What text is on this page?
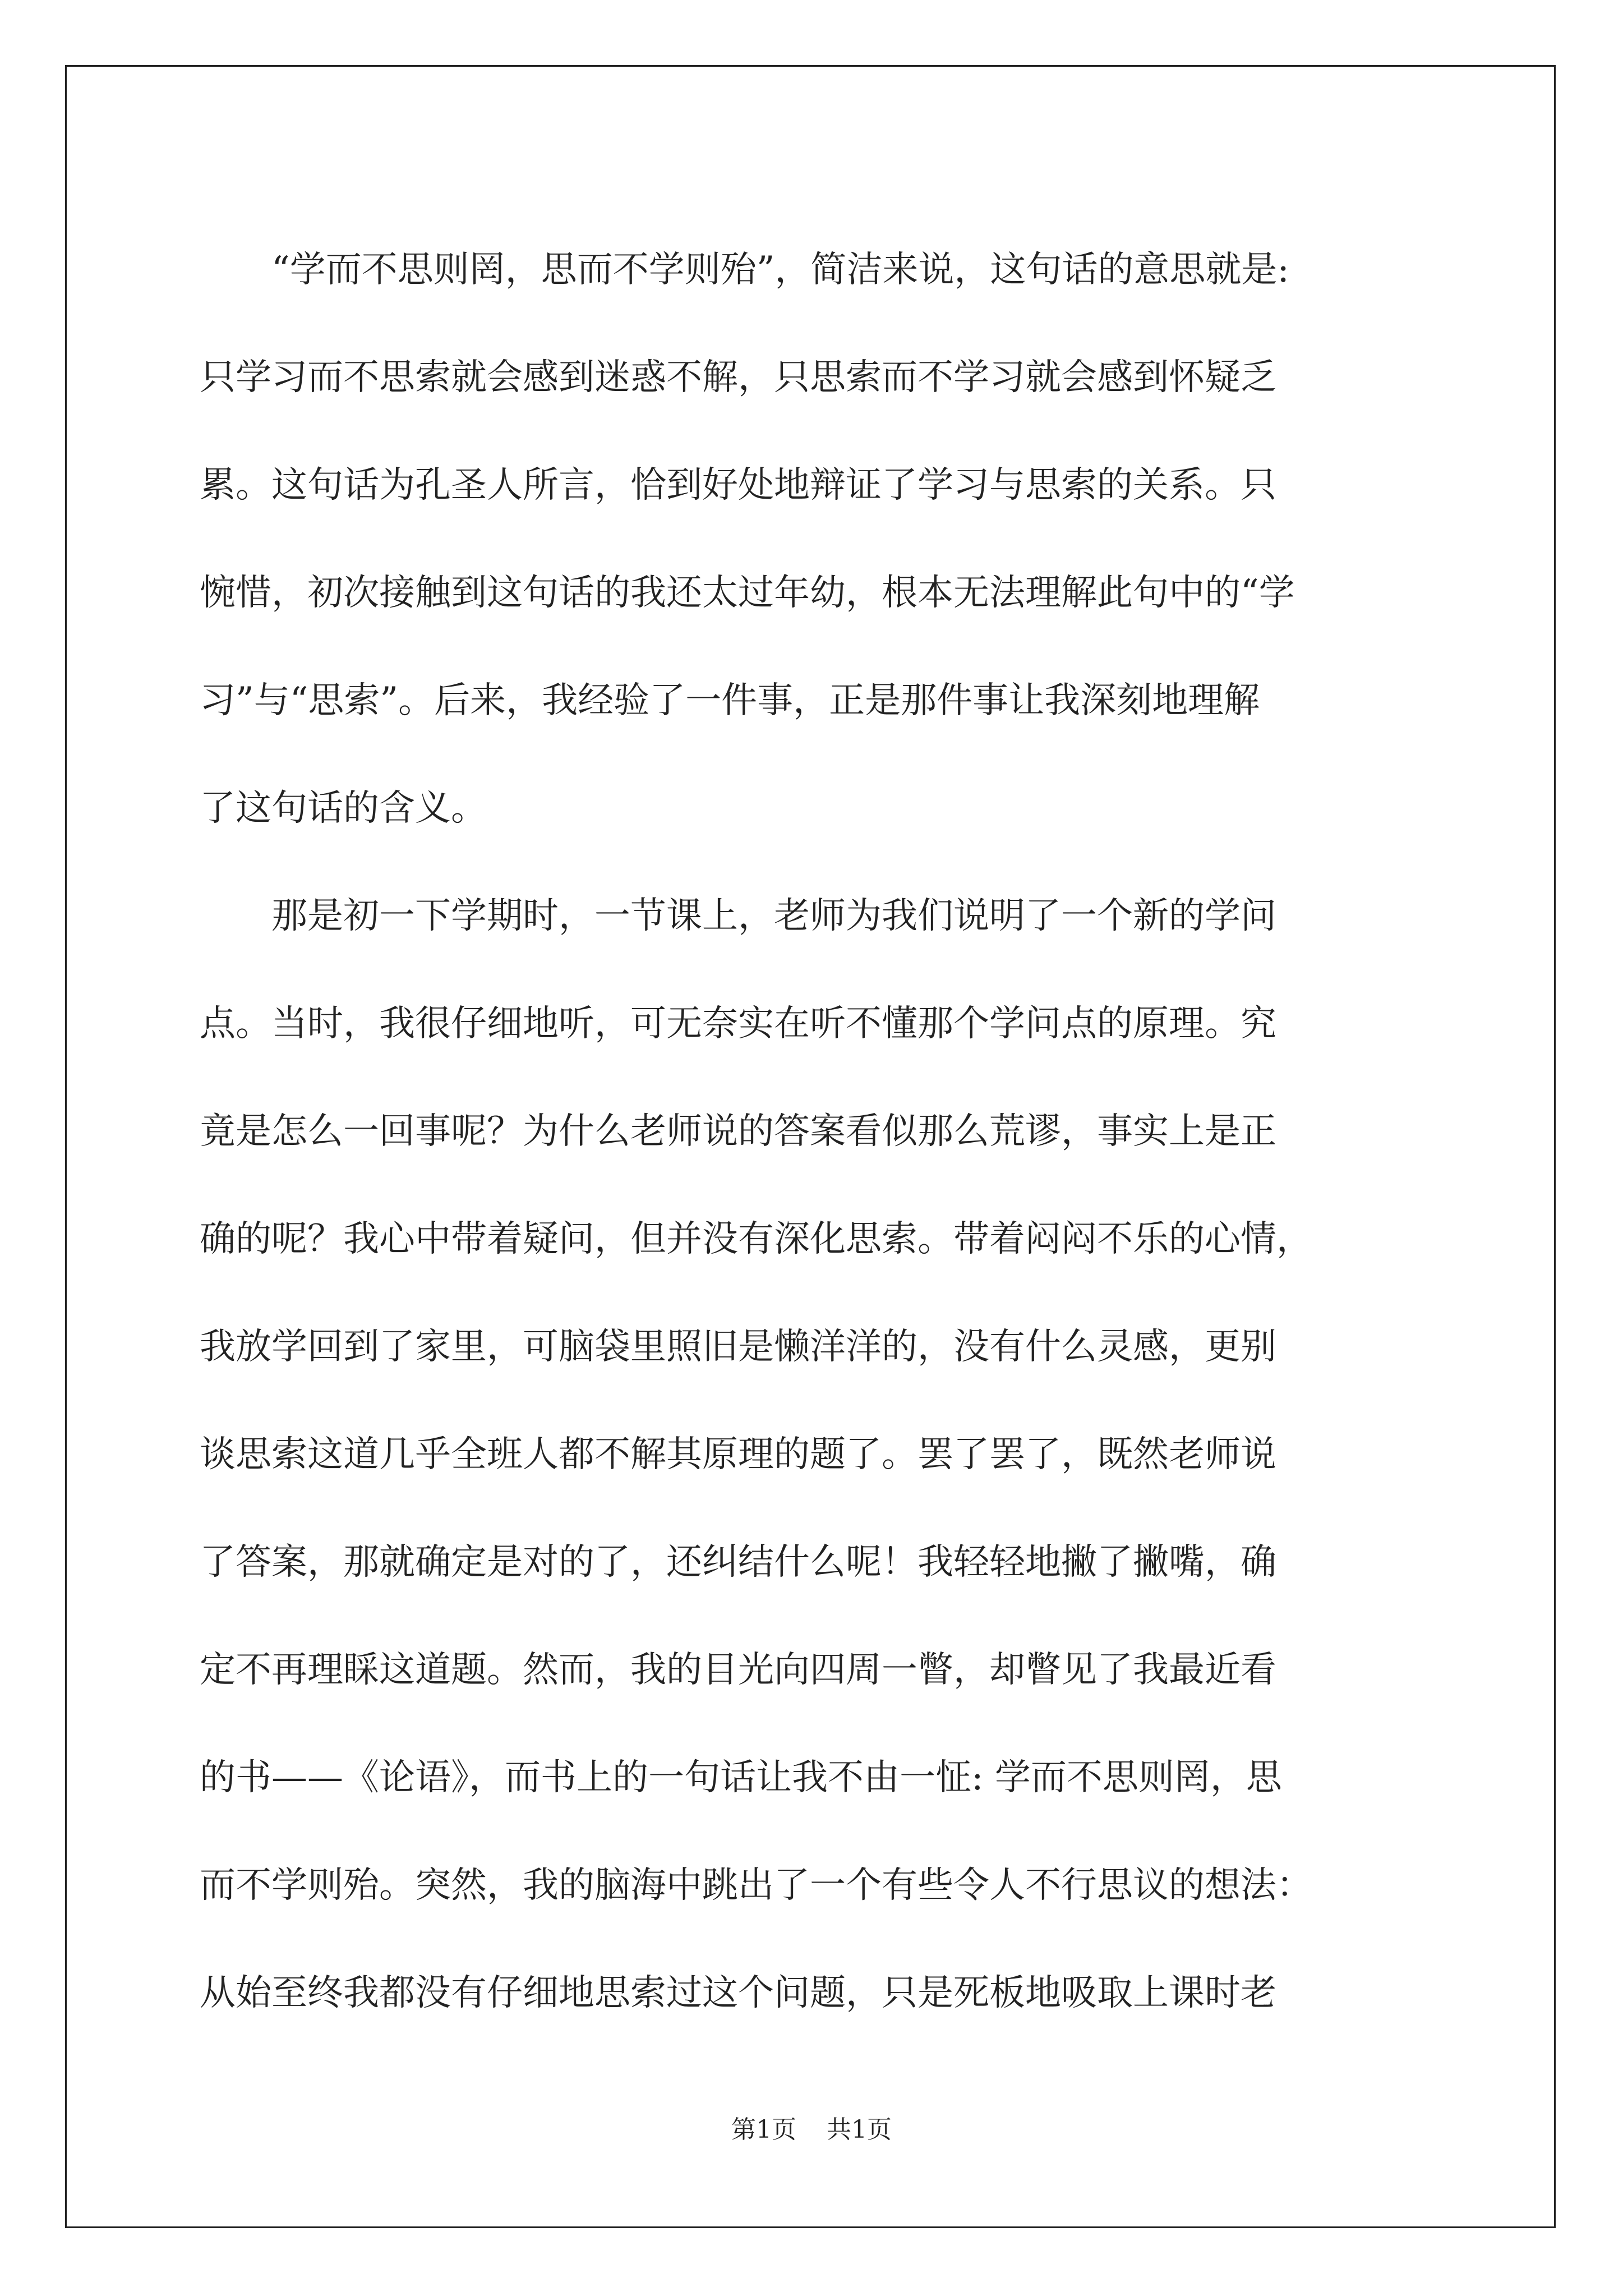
“学而不思则罔，思而不学则殆”，简洁来说，这句话的意思就是:
只学习而不思索就会感到迷惑不解，只思索而不学习就会感到怀疑乏
累。这句话为孔圣人所言，恰到好处地辩证了学习与思索的关系。只
惋惜，初次接触到这句话的我还太过年幼，根本无法理解此句中的“学
习”与“思索”。后来，我经验了一件事，正是那件事让我深刻地理解
了这句话的含义。
那是初一下学期时，一节课上，老师为我们说明了一个新的学问
点。当时，我很仔细地听，可无奈实在听不懂那个学问点的原理。究
竟是怎么一回事呢？为什么老师说的答案看似那么荒谬，事实上是正
确的呢？我心中带着疑问，但并没有深化思索。带着闷闷不乐的心情，
我放学回到了家里，可脑袋里照旧是懒洋洋的，没有什么灵感，更别
谈思索这道几乎全班人都不解其原理的题了。罢了罢了，既然老师说
了答案，那就确定是对的了，还纠结什么呢！我轻轻地撇了撇嘴，确
定不再理睬这道题。然而，我的目光向四周一瞥，却瞥见了我最近看
的书——《论语》，而书上的一句话让我不由一怔: 学而不思则罔，思
而不学则殆。突然，我的脑海中跳出了一个有些令人不行思议的想法：
从始至终我都没有仔细地思索过这个问题，只是死板地吸取上课时老
第1页 共1页
